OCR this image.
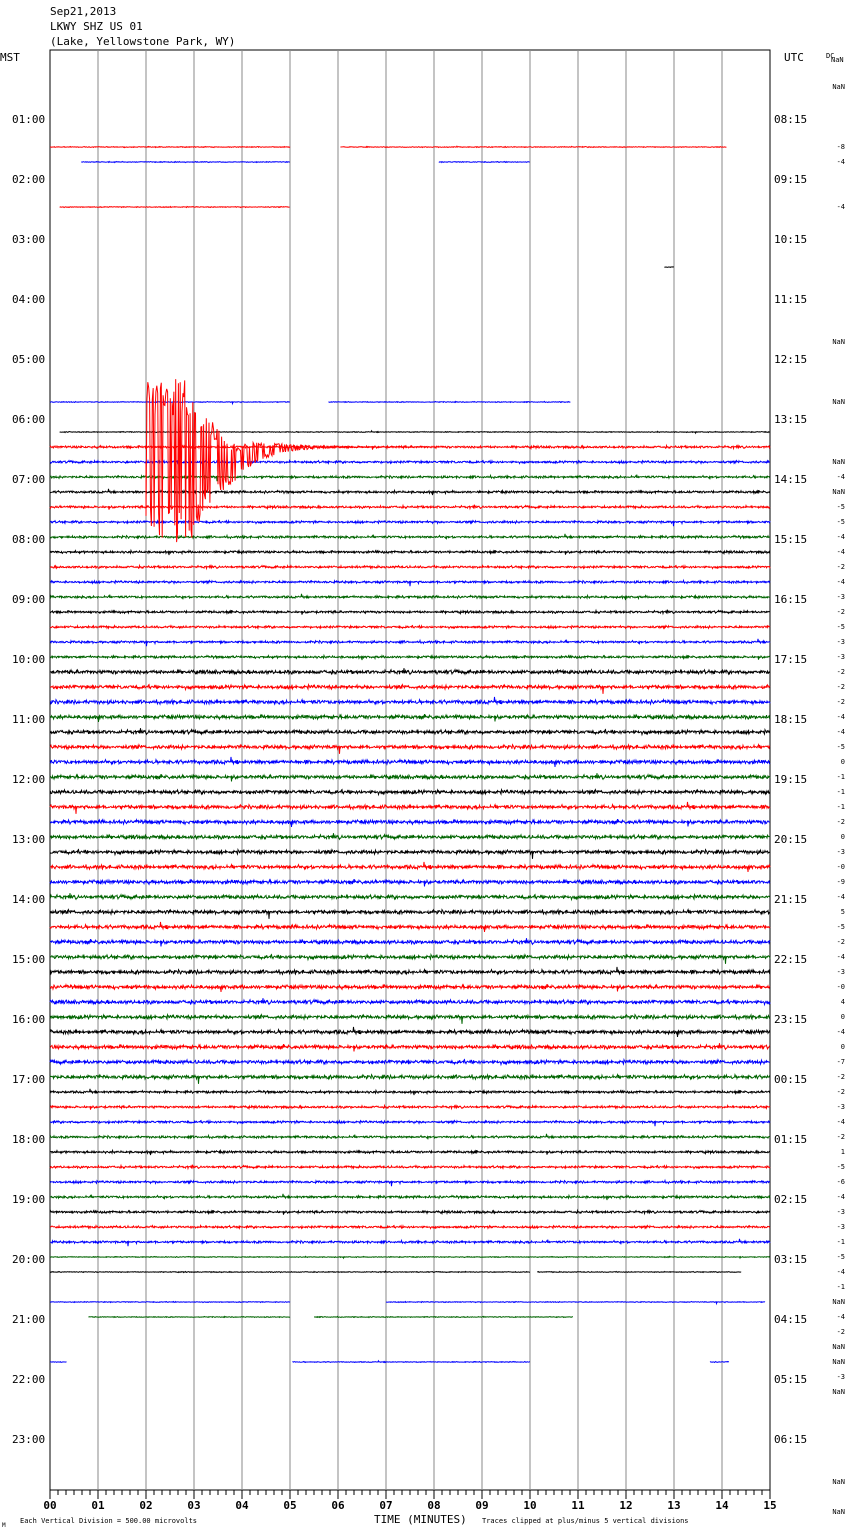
Sep21,2013
LKWY SHZ US 01
(Lake, Yellowstone Park, WY)
MST	UTC	DC
NaN
TIME (MINUTES)
Each Vertical Division = 500.00 microvolts	Traces clipped at plus/minus 5 vertical divisions
M
00	01	02	03	04	05	06	07	08	09	10	11	12	13	14	15
01:00
02:00
03:00
04:00
05:00
06:00
07:00
08:00
09:00
10:00
11:00
12:00
13:00
14:00
15:00
16:00
17:00
18:00
19:00
20:00
21:00
22:00
23:00
08:15
09:15
10:15
11:15
12:15
13:15
14:15
15:15
16:15
17:15
18:15
19:15
20:15
21:15
22:15
23:15
00:15
01:15
02:15
03:15
04:15
05:15
06:15
NaN
-8
-4
-4
NaN
NaN
NaN
-4
NaN
-5
-5
-4
-4
-2
-4
-3
-2
-5
-3
-3
-2
-2
-2
-4
-4
-5
0
-1
-1
-1
-2
0
-3
-0
-9
-4
5
-5
-2
-4
-3
-0
4
0
-4
0
-7
-2
-2
-3
-4
-2
1
-5
-6
-4
-3
-3
-1
-5
-4
-1
NaN
-4
-2
NaN
NaN
-3
NaN
NaN
NaN
